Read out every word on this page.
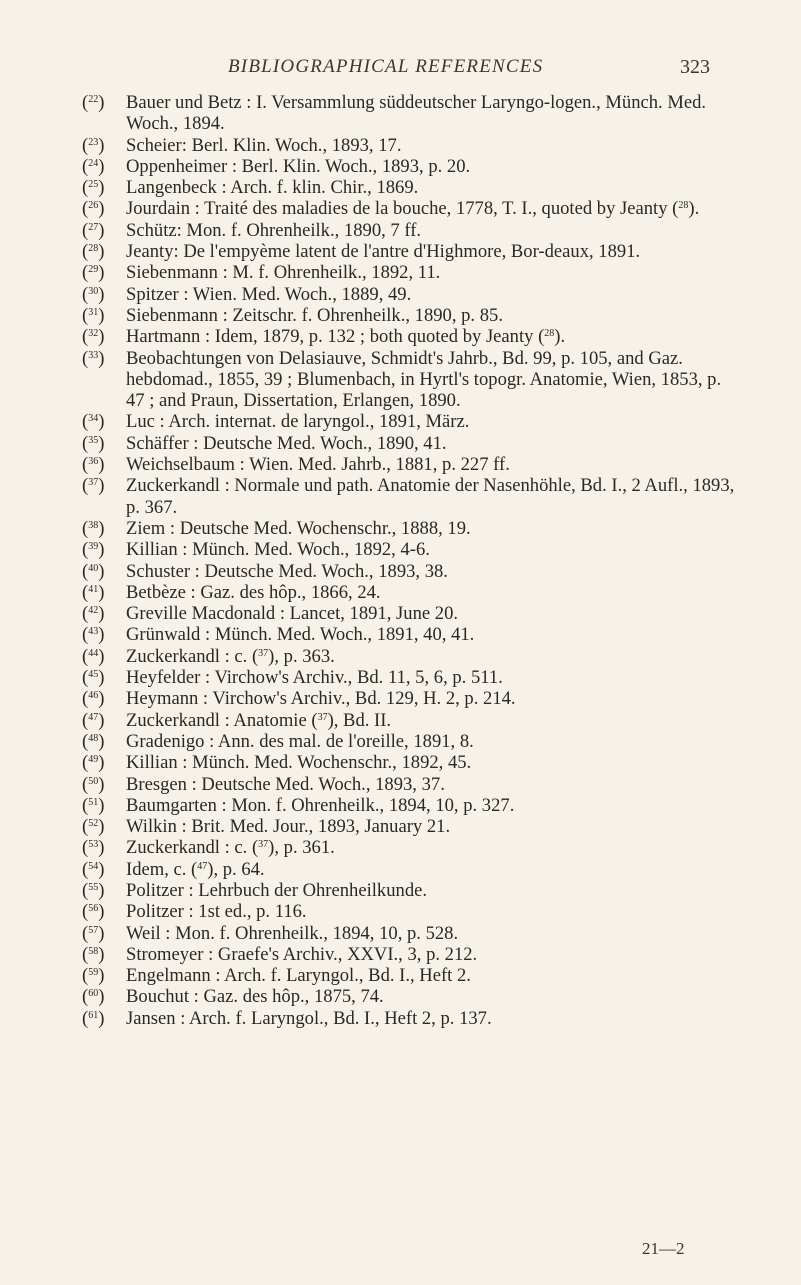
BIBLIOGRAPHICAL REFERENCES	323
($^{22}$)	Bauer und Betz : I. Versammlung süddeutscher Laryngo-logen., Münch. Med. Woch., 1894.
($^{23}$)	Scheier: Berl. Klin. Woch., 1893, 17.
($^{24}$)	Oppenheimer : Berl. Klin. Woch., 1893, p. 20.
($^{25}$)	Langenbeck : Arch. f. klin. Chir., 1869.
($^{26}$)	Jourdain : Traité des maladies de la bouche, 1778, T. I., quoted by Jeanty ($^{28}$).
($^{27}$)	Schütz: Mon. f. Ohrenheilk., 1890, 7 ff.
($^{28}$)	Jeanty: De l'empyème latent de l'antre d'Highmore, Bor-deaux, 1891.
($^{29}$)	Siebenmann : M. f. Ohrenheilk., 1892, 11.
($^{30}$)	Spitzer : Wien. Med. Woch., 1889, 49.
($^{31}$)	Siebenmann : Zeitschr. f. Ohrenheilk., 1890, p. 85.
($^{32}$)	Hartmann : Idem, 1879, p. 132 ; both quoted by Jeanty ($^{28}$).
($^{33}$)	Beobachtungen von Delasiauve, Schmidt's Jahrb., Bd. 99, p. 105, and Gaz. hebdomad., 1855, 39 ; Blumenbach, in Hyrtl's topogr. Anatomie, Wien, 1853, p. 47 ; and Praun, Dissertation, Erlangen, 1890.
($^{34}$)	Luc : Arch. internat. de laryngol., 1891, März.
($^{35}$)	Schäffer : Deutsche Med. Woch., 1890, 41.
($^{36}$)	Weichselbaum : Wien. Med. Jahrb., 1881, p. 227 ff.
($^{37}$)	Zuckerkandl : Normale und path. Anatomie der Nasenhöhle, Bd. I., 2 Aufl., 1893, p. 367.
($^{38}$)	Ziem : Deutsche Med. Wochenschr., 1888, 19.
($^{39}$)	Killian : Münch. Med. Woch., 1892, 4-6.
($^{40}$)	Schuster : Deutsche Med. Woch., 1893, 38.
($^{41}$)	Betbèze : Gaz. des hôp., 1866, 24.
($^{42}$)	Greville Macdonald : Lancet, 1891, June 20.
($^{43}$)	Grünwald : Münch. Med. Woch., 1891, 40, 41.
($^{44}$)	Zuckerkandl : c. ($^{37}$), p. 363.
($^{45}$)	Heyfelder : Virchow's Archiv., Bd. 11, 5, 6, p. 511.
($^{46}$)	Heymann : Virchow's Archiv., Bd. 129, H. 2, p. 214.
($^{47}$)	Zuckerkandl : Anatomie ($^{37}$), Bd. II.
($^{48}$)	Gradenigo : Ann. des mal. de l'oreille, 1891, 8.
($^{49}$)	Killian : Münch. Med. Wochenschr., 1892, 45.
($^{50}$)	Bresgen : Deutsche Med. Woch., 1893, 37.
($^{51}$)	Baumgarten : Mon. f. Ohrenheilk., 1894, 10, p. 327.
($^{52}$)	Wilkin : Brit. Med. Jour., 1893, January 21.
($^{53}$)	Zuckerkandl : c. ($^{37}$), p. 361.
($^{54}$)	Idem, c. ($^{47}$), p. 64.
($^{55}$)	Politzer : Lehrbuch der Ohrenheilkunde.
($^{56}$)	Politzer : 1st ed., p. 116.
($^{57}$)	Weil : Mon. f. Ohrenheilk., 1894, 10, p. 528.
($^{58}$)	Stromeyer : Graefe's Archiv., XXVI., 3, p. 212.
($^{59}$)	Engelmann : Arch. f. Laryngol., Bd. I., Heft 2.
($^{60}$)	Bouchut : Gaz. des hôp., 1875, 74.
($^{61}$)	Jansen : Arch. f. Laryngol., Bd. I., Heft 2, p. 137.
21—2
